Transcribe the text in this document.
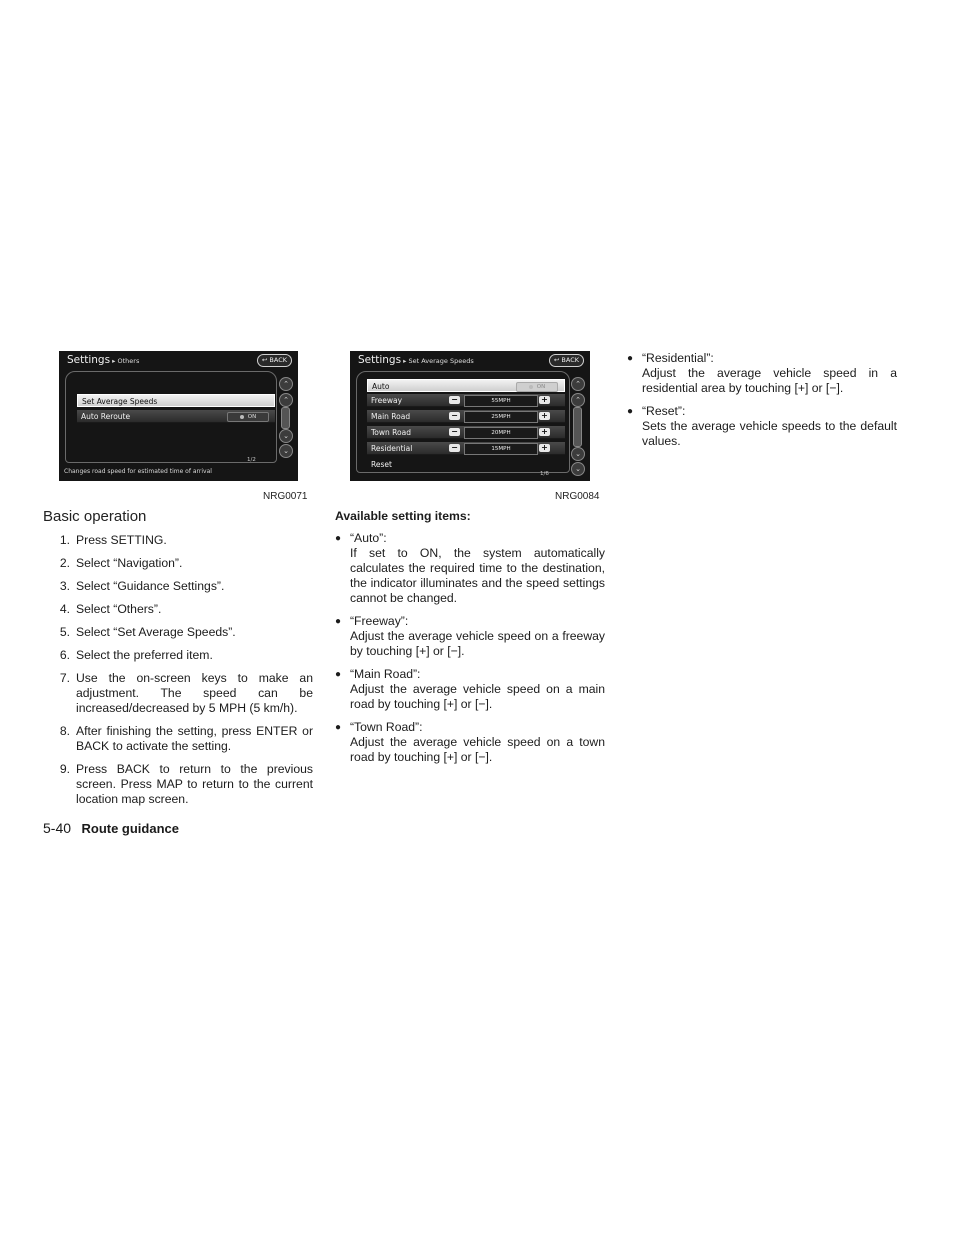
Settings ▸ Others	↩ BACK
Set Average Speeds
Auto Reroute	ON
⌃
⌃
⌄
⌄
1/2
Changes road speed for estimated time of arrival
NRG0071
Settings ▸ Set Average Speeds	↩ BACK
Auto	ON
Freeway	−	55MPH	+
Main Road	−	25MPH	+
Town Road	−	20MPH	+
Residential	−	15MPH	+
Reset
⌃
⌃
⌄
⌄
1/6
NRG0084
Basic operation
1. Press SETTING.
2. Select “Navigation”.
3. Select “Guidance Settings”.
4. Select “Others”.
5. Select “Set Average Speeds”.
6. Select the preferred item.
7. Use the on-screen keys to make an adjustment. The speed can be increased/decreased by 5 MPH (5 km/h).
8. After finishing the setting, press ENTER or BACK to activate the setting.
9. Press BACK to return to the previous screen. Press MAP to return to the current location map screen.
Available setting items:
● “Auto”:
If set to ON, the system automatically calculates the required time to the destination, the indicator illuminates and the speed settings cannot be changed.
● “Freeway”:
Adjust the average vehicle speed on a freeway by touching [+] or [−].
● “Main Road”:
Adjust the average vehicle speed on a main road by touching [+] or [−].
● “Town Road”:
Adjust the average vehicle speed on a town road by touching [+] or [−].
● “Residential”:
Adjust the average vehicle speed in a residential area by touching [+] or [−].
● “Reset”:
Sets the average vehicle speeds to the default values.
5-40 Route guidance
